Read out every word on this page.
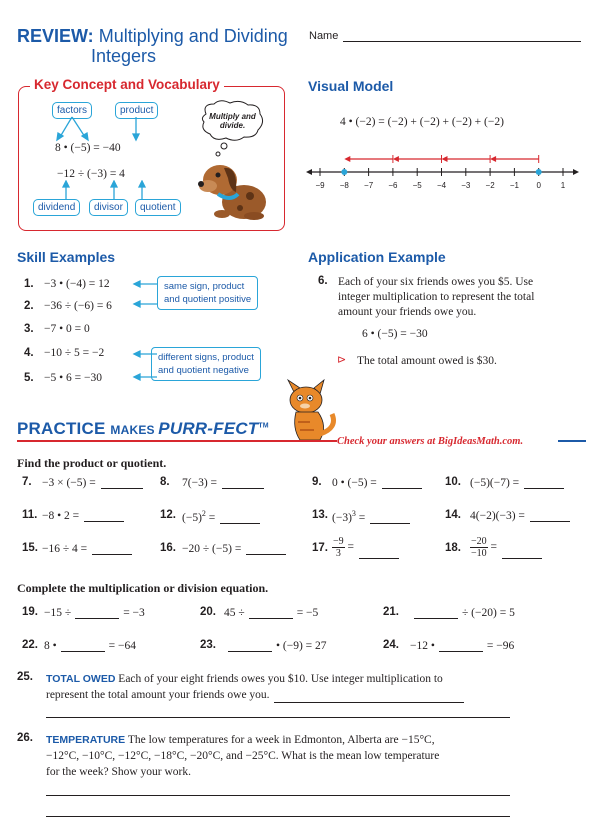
REVIEW: Multiplying and Dividing
Integers
Name
Key Concept and Vocabulary
factors	product
8 • (−5) = −40
−12 ÷ (−3) = 4
dividend	divisor	quotient
Multiply and divide.
Visual Model
4 • (−2) = (−2) + (−2) + (−2) + (−2)
−9 −8 −7 −6 −5 −4 −3 −2 −1 0 1
Skill Examples
1. −3 • (−4) = 12
2. −36 ÷ (−6) = 6
3. −7 • 0 = 0
4. −10 ÷ 5 = −2
5. −5 • 6 = −30
same sign, product
and quotient positive
different signs, product
and quotient negative
Application Example
6. Each of your six friends owes you $5. Use
integer multiplication to represent the total
amount your friends owe you.
6 • (−5) = −30
⊳ The total amount owed is $30.
PRACTICE MAKES PURR-FECT™
Check your answers at BigIdeasMath.com.
Find the product or quotient.
7. −3 × (−5) =	8. 7(−3) =	9. 0 • (−5) =	10. (−5)(−7) =
11. −8 • 2 =	12. $(-5)^2$ =	13. $(-3)^3$ =	14. 4(−2)(−3) =
15. −16 ÷ 4 =	16. −20 ÷ (−5) =	17. $\frac{-9}{3}$ =	18. $\frac{-20}{-10}$ =
Complete the multiplication or division equation.
19. −15 ÷	= −3	20. 45 ÷	= −5	21.	÷ (−20) = 5
22. 8 •	= −64	23.	• (−9) = 27	24. −12 •	= −96
25. TOTAL OWED Each of your eight friends owes you $10. Use integer multiplication to
represent the total amount your friends owe you.
26. TEMPERATURE The low temperatures for a week in Edmonton, Alberta are −15°C,
−12°C, −10°C, −12°C, −18°C, −20°C, and −25°C. What is the mean low temperature
for the week? Show your work.
